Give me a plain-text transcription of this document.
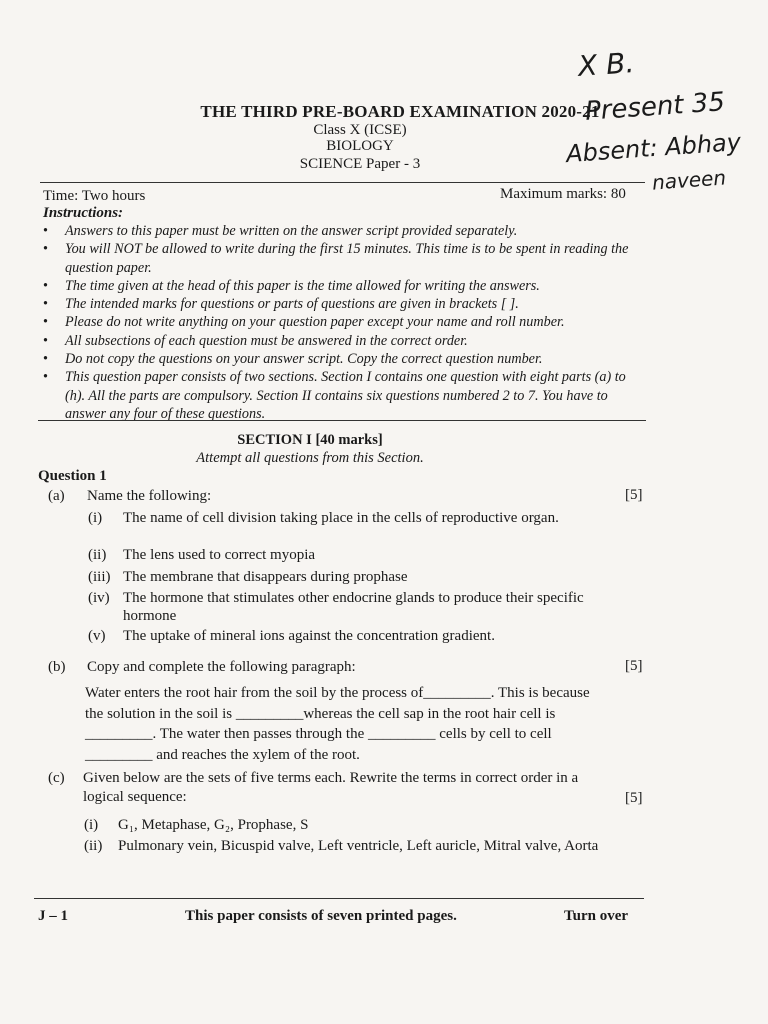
X B.
Present 35
Absent: Abhay
naveen
THE THIRD PRE-BOARD EXAMINATION 2020-21
Class X (ICSE)
BIOLOGY
SCIENCE Paper - 3
Time: Two hours	Maximum marks: 80
Instructions:
• Answers to this paper must be written on the answer script provided separately.
• You will NOT be allowed to write during the first 15 minutes. This time is to be spent in reading the question paper.
• The time given at the head of this paper is the time allowed for writing the answers.
• The intended marks for questions or parts of questions are given in brackets [ ].
• Please do not write anything on your question paper except your name and roll number.
• All subsections of each question must be answered in the correct order.
• Do not copy the questions on your answer script. Copy the correct question number.
• This question paper consists of two sections. Section I contains one question with eight parts (a) to (h). All the parts are compulsory. Section II contains six questions numbered 2 to 7. You have to answer any four of these questions.
SECTION I [40 marks]
Attempt all questions from this Section.
Question 1
(a) Name the following:	[5]
(i)	The name of cell division taking place in the cells of reproductive organ.
(ii)	The lens used to correct myopia
(iii) The membrane that disappears during prophase
(iv) The hormone that stimulates other endocrine glands to produce their specific hormone
(v)	The uptake of mineral ions against the concentration gradient.
(b) Copy and complete the following paragraph:	[5]
Water enters the root hair from the soil by the process of_________. This is because the solution in the soil is _________whereas the cell sap in the root hair cell is _________. The water then passes through the _________ cells by cell to cell _________ and reaches the xylem of the root.
(c) Given below are the sets of five terms each. Rewrite the terms in correct order in a logical sequence:	[5]
(i)	G₁, Metaphase, G₂, Prophase, S
(ii)	Pulmonary vein, Bicuspid valve, Left ventricle, Left auricle, Mitral valve, Aorta
J – 1	This paper consists of seven printed pages.	Turn over
